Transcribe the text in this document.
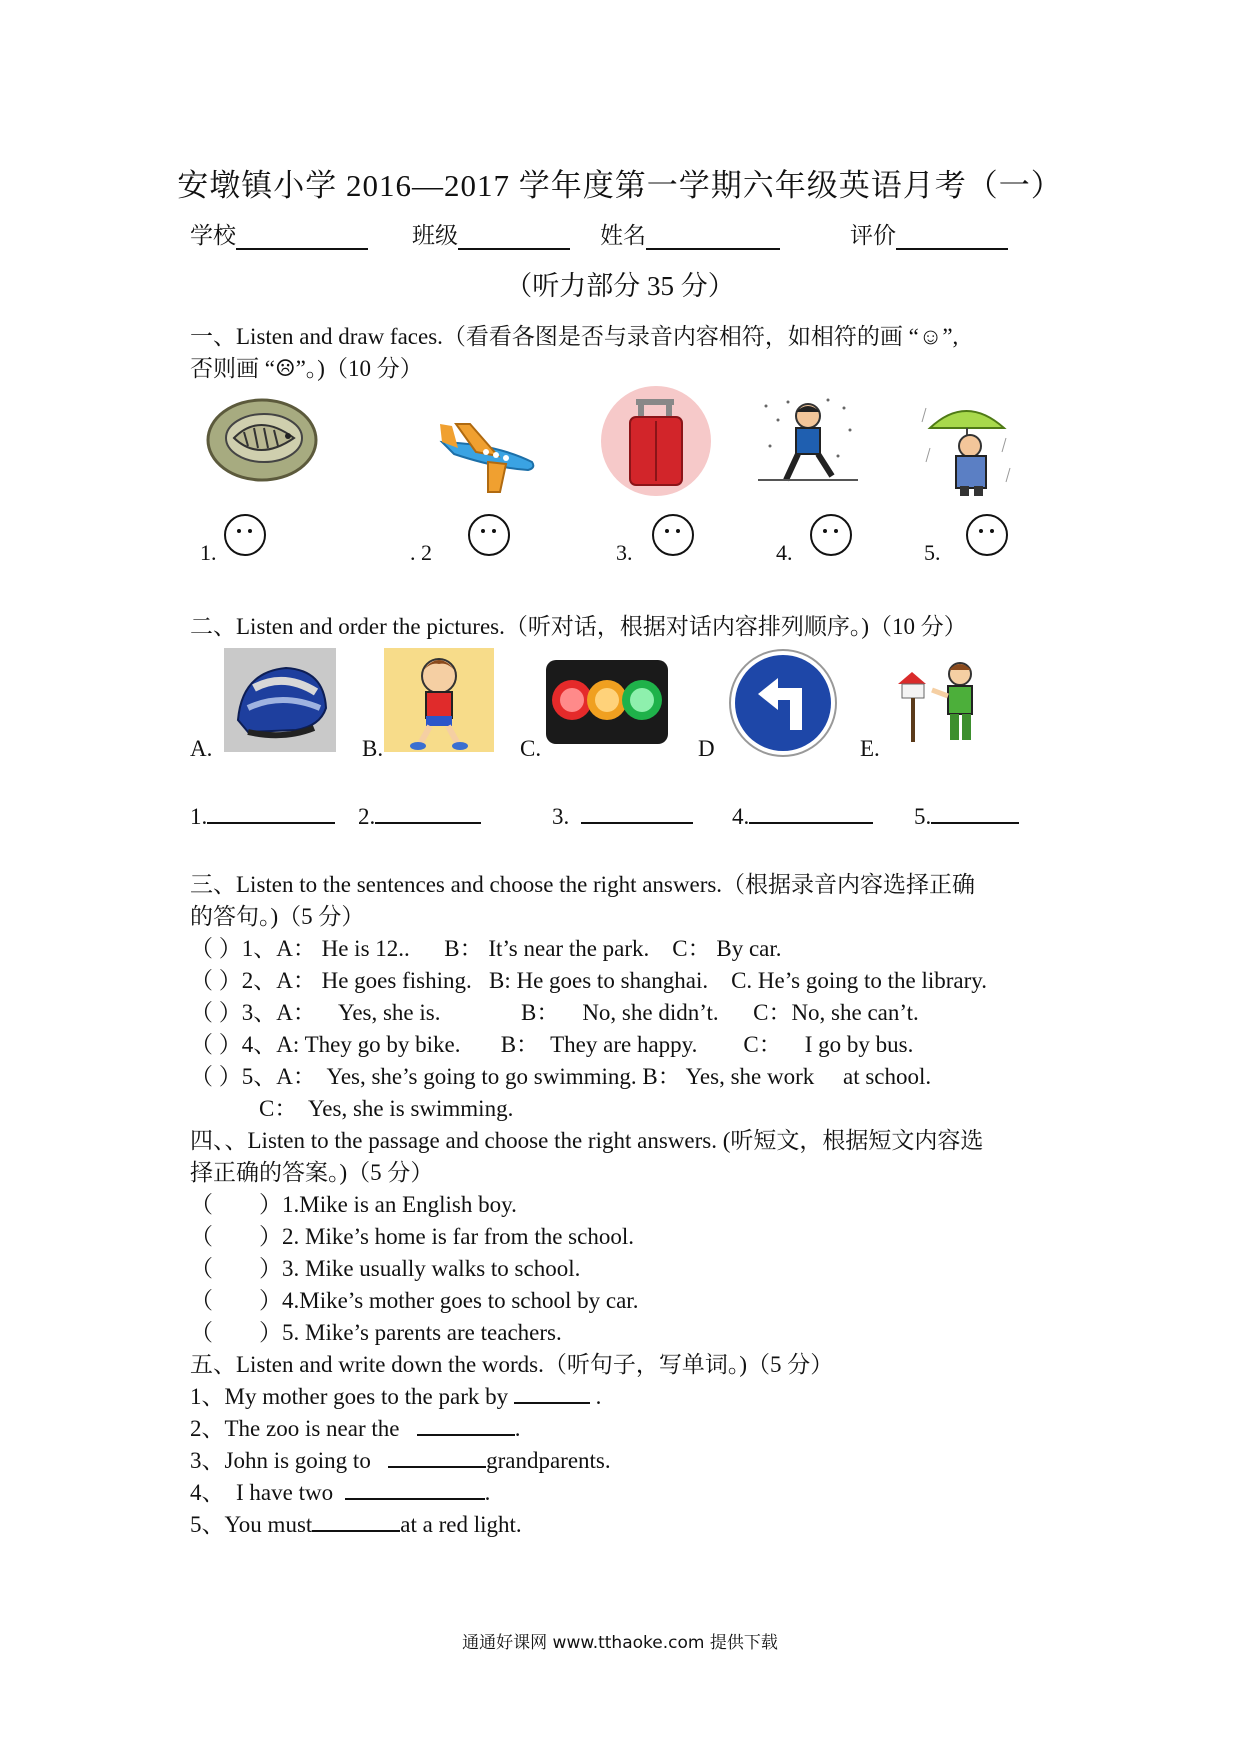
安墩镇小学 2016—2017 学年度第一学期六年级英语月考（一）
学校	班级	姓名	评价
（听力部分 35 分）
一、Listen and draw faces.（看看各图是否与录音内容相符，如相符的画 “☺”,
否则画 “☹”。)（10 分）
1.	. 2	3.	4.	5.
二、Listen and order the pictures.（听对话，根据对话内容排列顺序。)（10 分）
A.	B.	C.	D	E.
1.	2.	3.	4.	5.
三、Listen to the sentences and choose the right answers.（根据录音内容选择正确
的答句。)（5 分）
（ ）1、A： He is 12..      B： It’s near the park.    C： By car.
（ ）2、A： He goes fishing.   B: He goes to shanghai.    C. He’s going to the library.
（ ）3、A：    Yes, she is.              B：    No, she didn’t.      C：No, she can’t.
（ ）4、A: They go by bike.       B：  They are happy.        C：    I go by bus.
（ ）5、A：  Yes, she’s going to go swimming. B： Yes, she work     at school.
C：  Yes, she is swimming.
四、、Listen to the passage and choose the right answers. (听短文，根据短文内容选
择正确的答案。)（5 分）
（        ）1.Mike is an English boy.
（        ）2. Mike’s home is far from the school.
（        ）3. Mike usually walks to school.
（        ）4.Mike’s mother goes to school by car.
（        ）5. Mike’s parents are teachers.
五、Listen and write down the words.（听句子，写单词。)（5 分）
1、My mother goes to the park by	.
2、The zoo is near the	.
3、John is going to	grandparents.
4、  I have two	.
5、You must	at a red light.
通通好课网 www.tthaoke.com 提供下载
